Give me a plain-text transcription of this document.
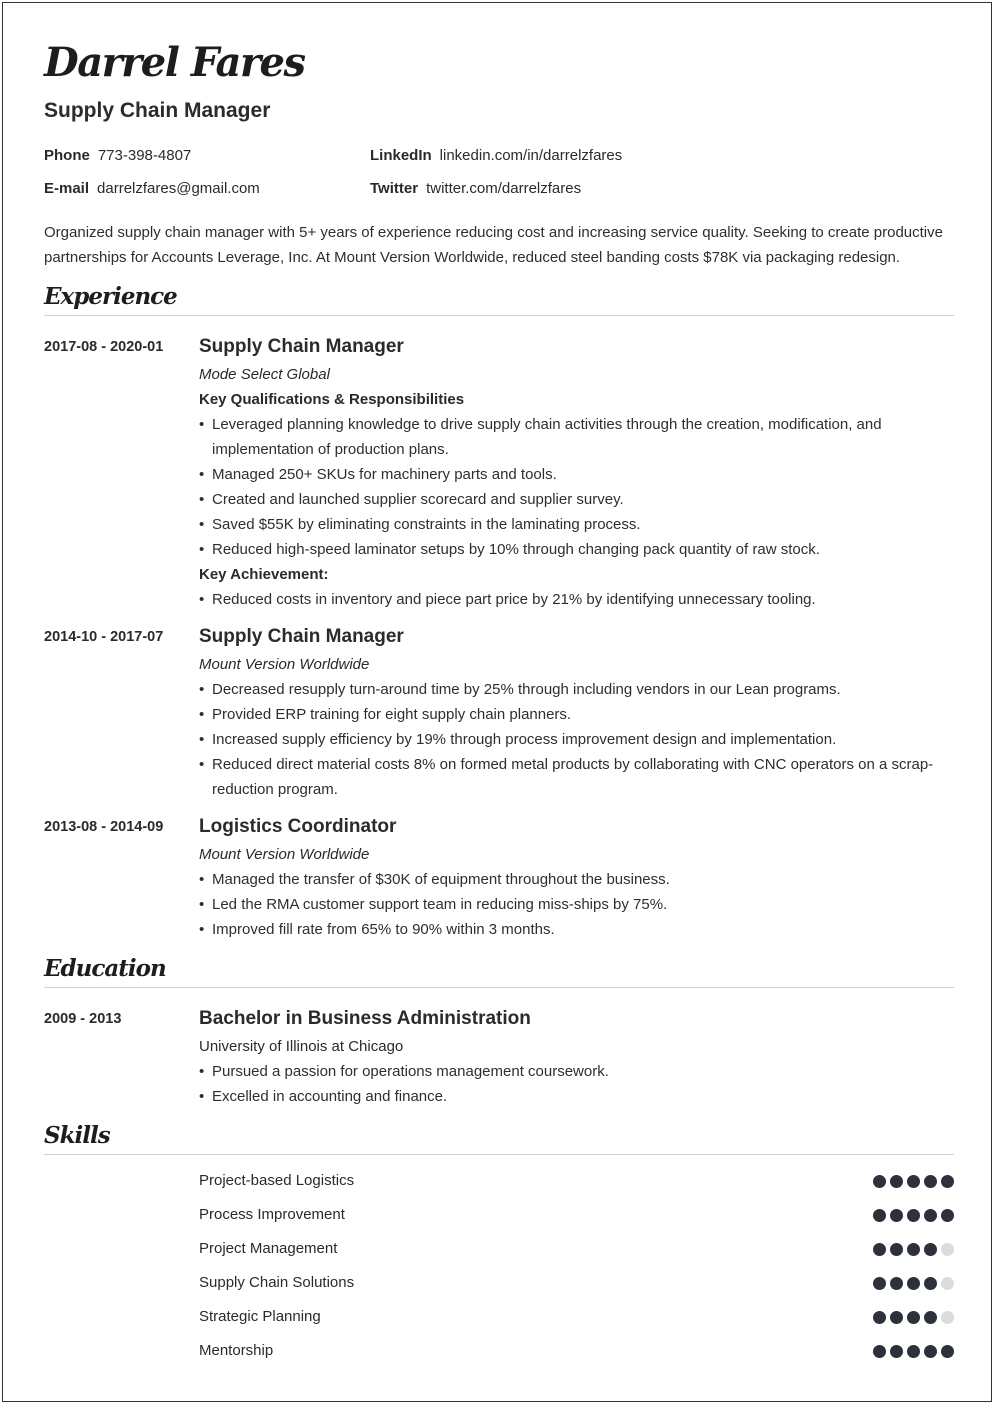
Darrel Fares
Supply Chain Manager
Phone 773-398-4807
E-mail darrelzfares@gmail.com
LinkedIn linkedin.com/in/darrelzfares
Twitter twitter.com/darrelzfares
Organized supply chain manager with 5+ years of experience reducing cost and increasing service quality. Seeking to create productive partnerships for Accounts Leverage, Inc. At Mount Version Worldwide, reduced steel banding costs $78K via packaging redesign.
Experience
2017-08 - 2020-01 Supply Chain Manager
Mode Select Global
Key Qualifications & Responsibilities
• Leveraged planning knowledge to drive supply chain activities through the creation, modification, and implementation of production plans.
• Managed 250+ SKUs for machinery parts and tools.
• Created and launched supplier scorecard and supplier survey.
• Saved $55K by eliminating constraints in the laminating process.
• Reduced high-speed laminator setups by 10% through changing pack quantity of raw stock.
Key Achievement:
• Reduced costs in inventory and piece part price by 21% by identifying unnecessary tooling.
2014-10 - 2017-07 Supply Chain Manager
Mount Version Worldwide
• Decreased resupply turn-around time by 25% through including vendors in our Lean programs.
• Provided ERP training for eight supply chain planners.
• Increased supply efficiency by 19% through process improvement design and implementation.
• Reduced direct material costs 8% on formed metal products by collaborating with CNC operators on a scrap-reduction program.
2013-08 - 2014-09 Logistics Coordinator
Mount Version Worldwide
• Managed the transfer of $30K of equipment throughout the business.
• Led the RMA customer support team in reducing miss-ships by 75%.
• Improved fill rate from 65% to 90% within 3 months.
Education
2009 - 2013	Bachelor in Business Administration
University of Illinois at Chicago
• Pursued a passion for operations management coursework.
• Excelled in accounting and finance.
Skills
Project-based Logistics
Process Improvement
Project Management
Supply Chain Solutions
Strategic Planning
Mentorship
